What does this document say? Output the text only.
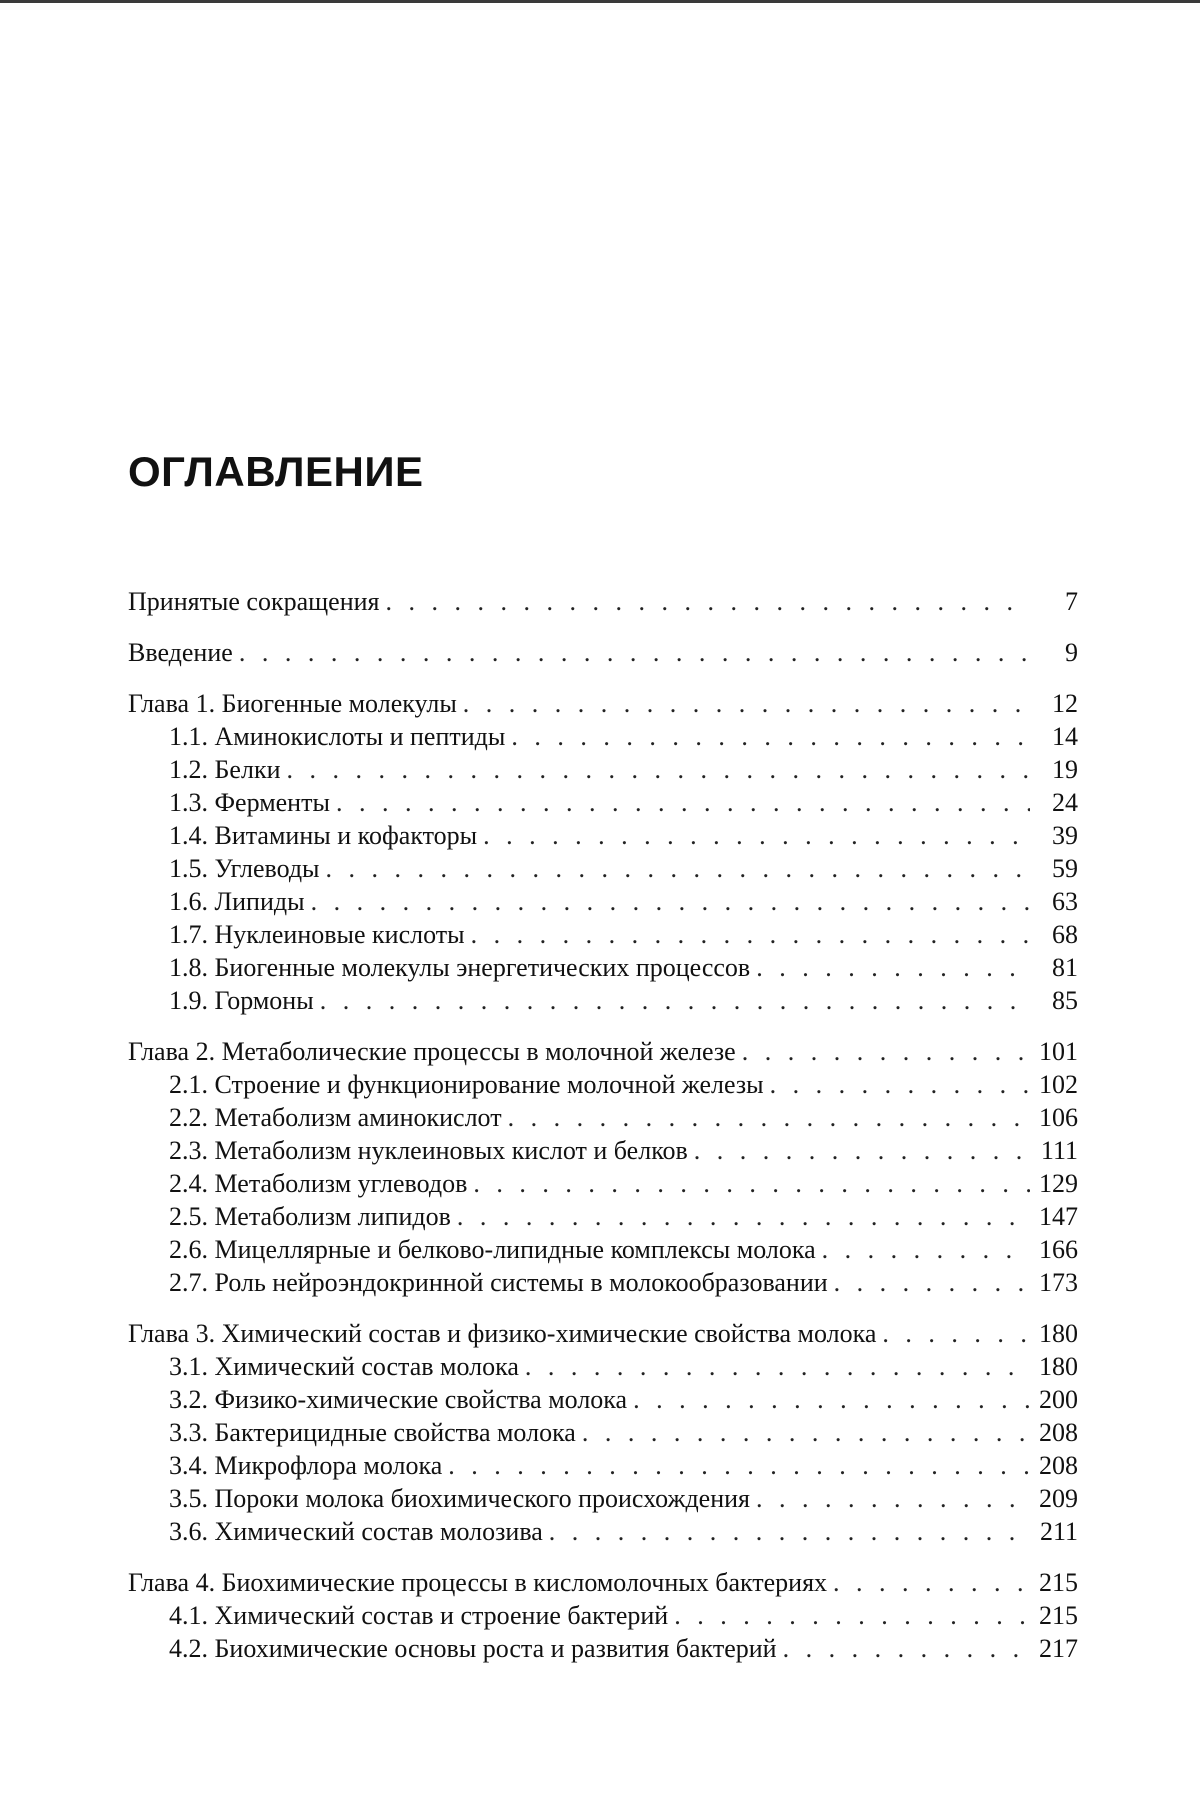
ОГЛАВЛЕНИЕ
Принятые сокращения . . .	7
Введение . . .	9
Глава 1. Биогенные молекулы . . .	12
1.1. Аминокислоты и пептиды . . .	14
1.2. Белки . . .	19
1.3. Ферменты . . .	24
1.4. Витамины и кофакторы . . .	39
1.5. Углеводы . . .	59
1.6. Липиды . . .	63
1.7. Нуклеиновые кислоты . . .	68
1.8. Биогенные молекулы энергетических процессов . . .	81
1.9. Гормоны . . .	85
Глава 2. Метаболические процессы в молочной железе . . .	101
2.1. Строение и функционирование молочной железы . . .	102
2.2. Метаболизм аминокислот . . .	106
2.3. Метаболизм нуклеиновых кислот и белков . . .	111
2.4. Метаболизм углеводов . . .	129
2.5. Метаболизм липидов . . .	147
2.6. Мицеллярные и белково-липидные комплексы молока . . .	166
2.7. Роль нейроэндокринной системы в молокообразовании . . .	173
Глава 3. Химический состав и физико-химические свойства молока . . .	180
3.1. Химический состав молока . . .	180
3.2. Физико-химические свойства молока . . .	200
3.3. Бактерицидные свойства молока . . .	208
3.4. Микрофлора молока . . .	208
3.5. Пороки молока биохимического происхождения . . .	209
3.6. Химический состав молозива . . .	211
Глава 4. Биохимические процессы в кисломолочных бактериях . . .	215
4.1. Химический состав и строение бактерий . . .	215
4.2. Биохимические основы роста и развития бактерий . . .	217
